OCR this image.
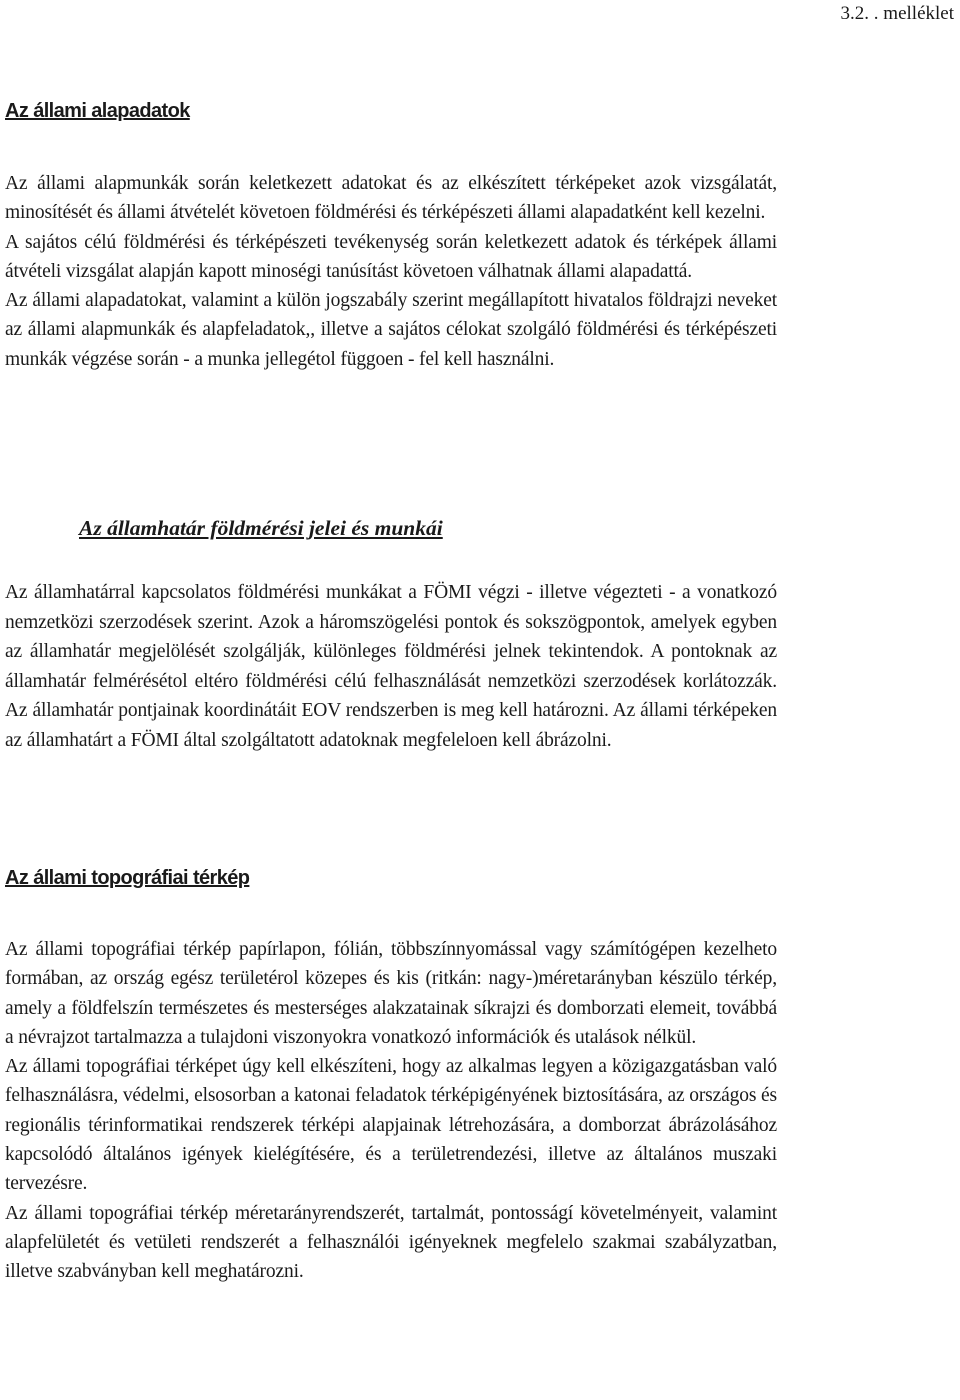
3.2. . melléklet
Az állami alapadatok

Az állami alapmunkák során keletkezett adatokat és az elkészített térképeket azok vizsgálatát, minosítését és állami átvételét követoen földmérési és térképészeti állami alapadatként kell kezelni.

A sajátos célú földmérési és térképészeti tevékenység során keletkezett adatok és térképek állami átvételi vizsgálat alapján kapott minoségi tanúsítást követoen válhatnak állami alapadattá.

Az állami alapadatokat, valamint a külön jogszabály szerint megállapított hivatalos földrajzi neveket az állami alapmunkák és alapfeladatok,, illetve a sajátos célokat szolgáló földmérési és térképészeti munkák végzése során - a munka jellegétol függoen - fel kell használni.

Az államhatár földmérési jelei és munkái

Az államhatárral kapcsolatos földmérési munkákat a FÖMI végzi - illetve végezteti - a vonatkozó nemzetközi szerzodések szerint. Azok a háromszögelési pontok és sokszögpontok, amelyek egyben az államhatár megjelölését szolgálják, különleges földmérési jelnek tekintendok. A pontoknak az államhatár felmérésétol eltéro földmérési célú felhasználását nemzetközi szerzodések korlátozzák. Az államhatár pontjainak koordinátáit EOV rendszerben is meg kell határozni. Az állami térképeken az államhatárt a FÖMI által szolgáltatott adatoknak megfeleloen kell ábrázolni.

Az állami topográfiai térkép

Az állami topográfiai térkép papírlapon, fólián, többszínnyomással vagy számítógépen kezelheto formában, az ország egész területérol közepes és kis (ritkán: nagy-)méretarányban készülo térkép, amely a földfelszín természetes és mesterséges alakzatainak síkrajzi és domborzati elemeit, továbbá a névrajzot tartalmazza a tulajdoni viszonyokra vonatkozó információk és utalások nélkül.

Az állami topográfiai térképet úgy kell elkészíteni, hogy az alkalmas legyen a közigazgatásban való felhasználásra, védelmi, elsosorban a katonai feladatok térképigényének biztosítására, az országos és regionális térinformatikai rendszerek térképi alapjainak létrehozására, a domborzat ábrázolásához kapcsolódó általános igények kielégítésére, és a területrendezési, illetve az általános muszaki tervezésre.

Az állami topográfiai térkép méretarányrendszerét, tartalmát, pontosságí követelményeit, valamint alapfelületét és vetületi rendszerét a felhasználói igényeknek megfelelo szakmai szabályzatban, illetve szabványban kell meghatározni.
